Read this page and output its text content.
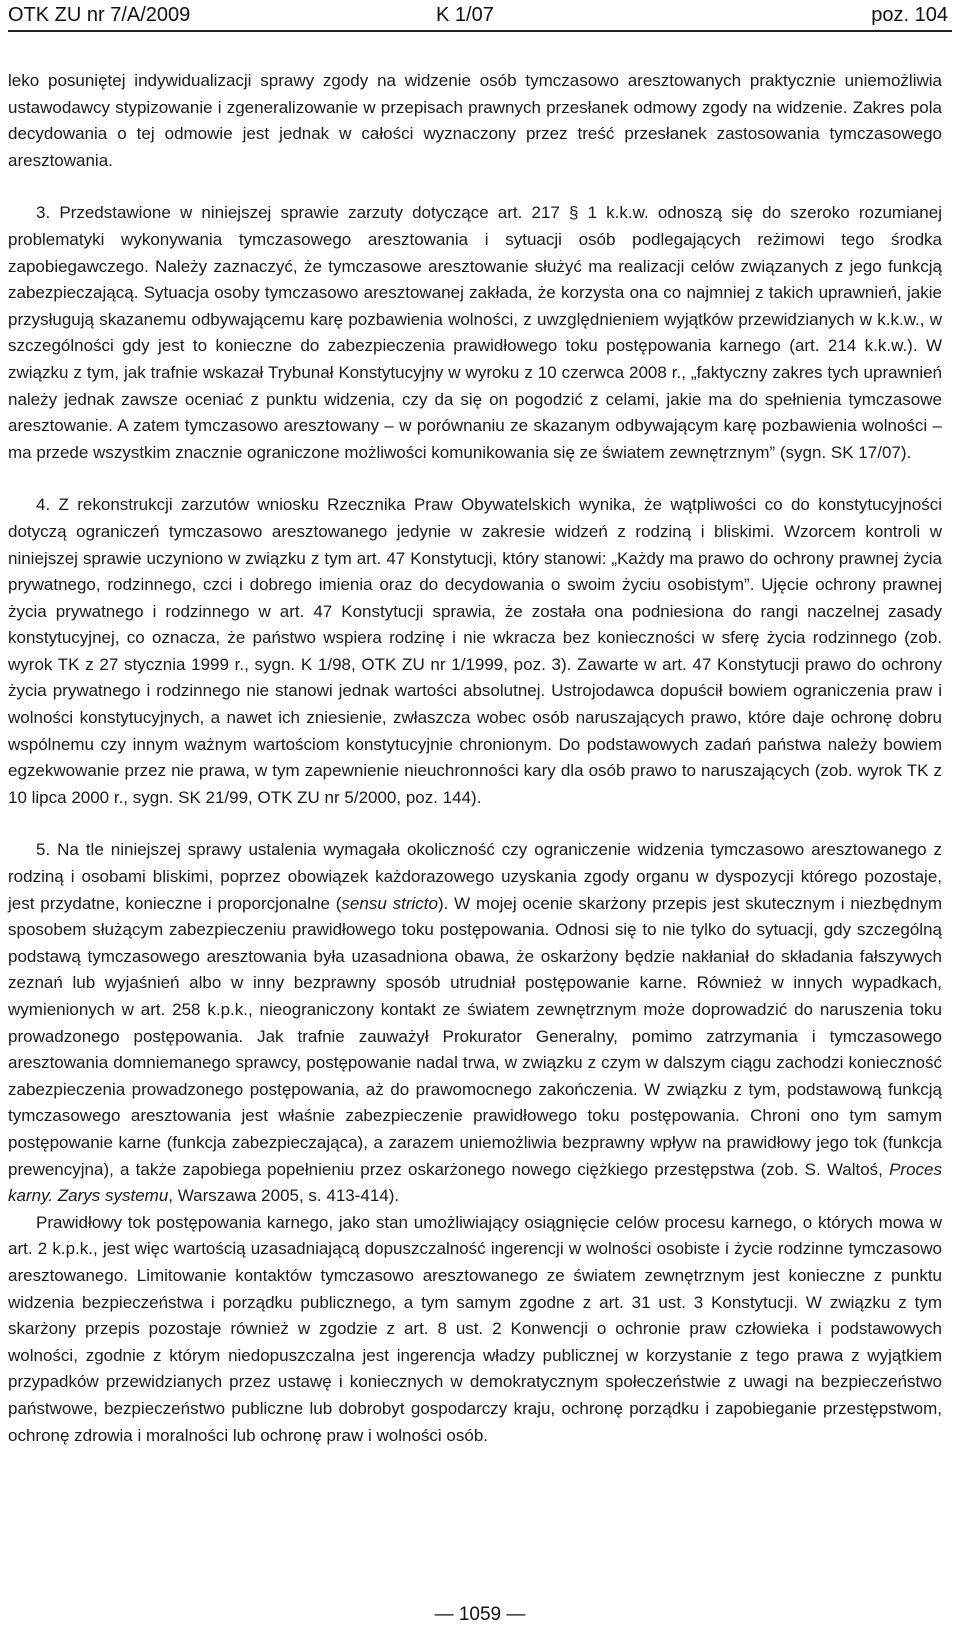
OTK ZU nr 7/A/2009	K 1/07	poz. 104

leko posuniętej indywidualizacji sprawy zgody na widzenie osób tymczasowo aresztowanych praktycznie uniemożliwia ustawodawcy stypizowanie i zgeneralizowanie w przepisach prawnych przesłanek odmowy zgody na widzenie. Zakres pola decydowania o tej odmowie jest jednak w całości wyznaczony przez treść przesłanek zastosowania tymczasowego aresztowania.

3. Przedstawione w niniejszej sprawie zarzuty dotyczące art. 217 § 1 k.k.w. odnoszą się do szeroko rozumianej problematyki wykonywania tymczasowego aresztowania i sytuacji osób podlegających reżimowi tego środka zapobiegawczego. Należy zaznaczyć, że tymczasowe aresztowanie służyć ma realizacji celów związanych z jego funkcją zabezpieczającą. Sytuacja osoby tymczasowo aresztowanej zakłada, że korzysta ona co najmniej z takich uprawnień, jakie przysługują skazanemu odbywającemu karę pozbawienia wolności, z uwzględnieniem wyjątków przewidzianych w k.k.w., w szczególności gdy jest to konieczne do zabezpieczenia prawidłowego toku postępowania karnego (art. 214 k.k.w.). W związku z tym, jak trafnie wskazał Trybunał Konstytucyjny w wyroku z 10 czerwca 2008 r., „faktyczny zakres tych uprawnień należy jednak zawsze oceniać z punktu widzenia, czy da się on pogodzić z celami, jakie ma do spełnienia tymczasowe aresztowanie. A zatem tymczasowo aresztowany – w porównaniu ze skazanym odbywającym karę pozbawienia wolności – ma przede wszystkim znacznie ograniczone możliwości komunikowania się ze światem zewnętrznym” (sygn. SK 17/07).

4. Z rekonstrukcji zarzutów wniosku Rzecznika Praw Obywatelskich wynika, że wątpliwości co do konstytucyjności dotyczą ograniczeń tymczasowo aresztowanego jedynie w zakresie widzeń z rodziną i bliskimi. Wzorcem kontroli w niniejszej sprawie uczyniono w związku z tym art. 47 Konstytucji, który stanowi: „Każdy ma prawo do ochrony prawnej życia prywatnego, rodzinnego, czci i dobrego imienia oraz do decydowania o swoim życiu osobistym”. Ujęcie ochrony prawnej życia prywatnego i rodzinnego w art. 47 Konstytucji sprawia, że została ona podniesiona do rangi naczelnej zasady konstytucyjnej, co oznacza, że państwo wspiera rodzinę i nie wkracza bez konieczności w sferę życia rodzinnego (zob. wyrok TK z 27 stycznia 1999 r., sygn. K 1/98, OTK ZU nr 1/1999, poz. 3). Zawarte w art. 47 Konstytucji prawo do ochrony życia prywatnego i rodzinnego nie stanowi jednak wartości absolutnej. Ustrojodawca dopuścił bowiem ograniczenia praw i wolności konstytucyjnych, a nawet ich zniesienie, zwłaszcza wobec osób naruszających prawo, które daje ochronę dobru wspólnemu czy innym ważnym wartościom konstytucyjnie chronionym. Do podstawowych zadań państwa należy bowiem egzekwowanie przez nie prawa, w tym zapewnienie nieuchronności kary dla osób prawo to naruszających (zob. wyrok TK z 10 lipca 2000 r., sygn. SK 21/99, OTK ZU nr 5/2000, poz. 144).

5. Na tle niniejszej sprawy ustalenia wymagała okoliczność czy ograniczenie widzenia tymczasowo aresztowanego z rodziną i osobami bliskimi, poprzez obowiązek każdorazowego uzyskania zgody organu w dyspozycji którego pozostaje, jest przydatne, konieczne i proporcjonalne (sensu stricto). W mojej ocenie skarżony przepis jest skutecznym i niezbędnym sposobem służącym zabezpieczeniu prawidłowego toku postępowania. Odnosi się to nie tylko do sytuacji, gdy szczególną podstawą tymczasowego aresztowania była uzasadniona obawa, że oskarżony będzie nakłaniał do składania fałszywych zeznań lub wyjaśnień albo w inny bezprawny sposób utrudniał postępowanie karne. Również w innych wypadkach, wymienionych w art. 258 k.p.k., nieograniczony kontakt ze światem zewnętrznym może doprowadzić do naruszenia toku prowadzonego postępowania. Jak trafnie zauważył Prokurator Generalny, pomimo zatrzymania i tymczasowego aresztowania domniemanego sprawcy, postępowanie nadal trwa, w związku z czym w dalszym ciągu zachodzi konieczność zabezpieczenia prowadzonego postępowania, aż do prawomocnego zakończenia. W związku z tym, podstawową funkcją tymczasowego aresztowania jest właśnie zabezpieczenie prawidłowego toku postępowania. Chroni ono tym samym postępowanie karne (funkcja zabezpieczająca), a zarazem uniemożliwia bezprawny wpływ na prawidłowy jego tok (funkcja prewencyjna), a także zapobiega popełnieniu przez oskarżonego nowego ciężkiego przestępstwa (zob. S. Waltoś, Proces karny. Zarys systemu, Warszawa 2005, s. 413-414).

Prawidłowy tok postępowania karnego, jako stan umożliwiający osiągnięcie celów procesu karnego, o których mowa w art. 2 k.p.k., jest więc wartością uzasadniającą dopuszczalność ingerencji w wolności osobiste i życie rodzinne tymczasowo aresztowanego. Limitowanie kontaktów tymczasowo aresztowanego ze światem zewnętrznym jest konieczne z punktu widzenia bezpieczeństwa i porządku publicznego, a tym samym zgodne z art. 31 ust. 3 Konstytucji. W związku z tym skarżony przepis pozostaje również w zgodzie z art. 8 ust. 2 Konwencji o ochronie praw człowieka i podstawowych wolności, zgodnie z którym niedopuszczalna jest ingerencja władzy publicznej w korzystanie z tego prawa z wyjątkiem przypadków przewidzianych przez ustawę i koniecznych w demokratycznym społeczeństwie z uwagi na bezpieczeństwo państwowe, bezpieczeństwo publiczne lub dobrobyt gospodarczy kraju, ochronę porządku i zapobieganie przestępstwom, ochronę zdrowia i moralności lub ochronę praw i wolności osób.

— 1059 —
